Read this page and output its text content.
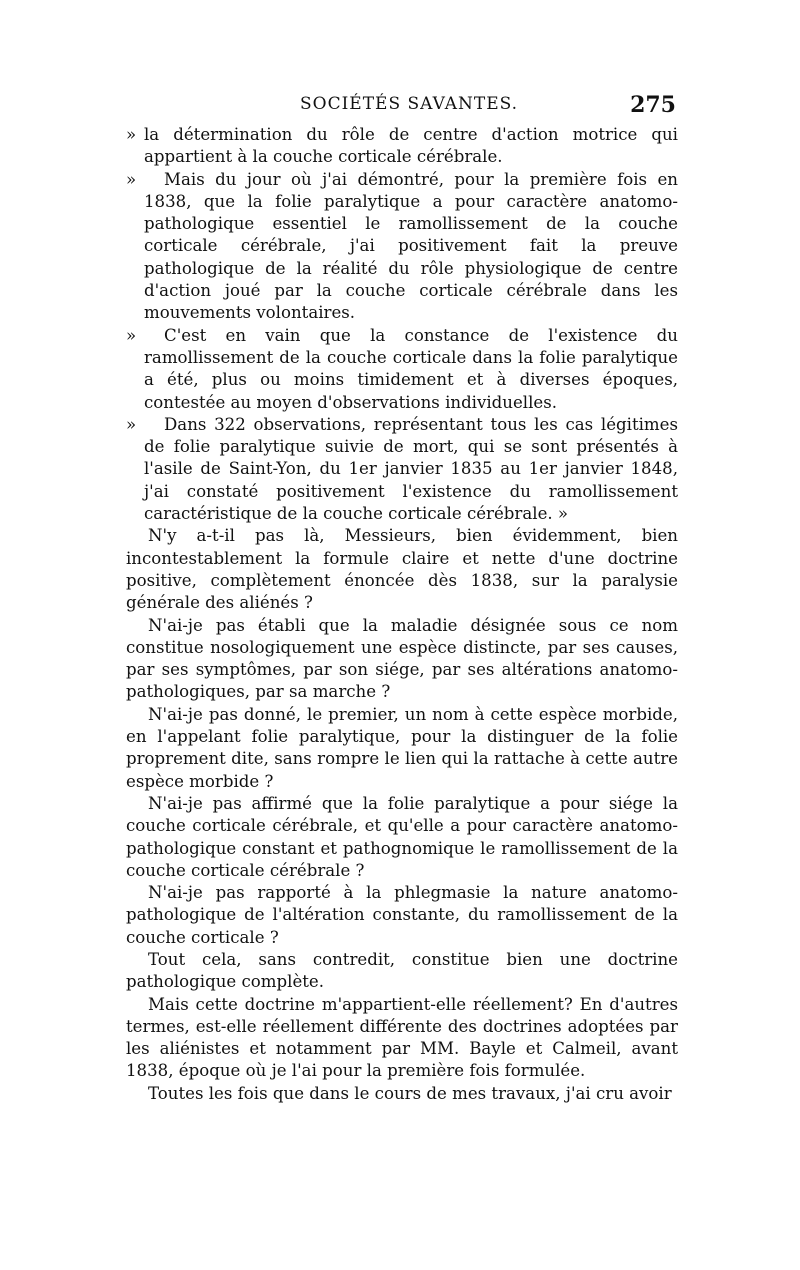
SOCIÉTÉS SAVANTES.	275

» la détermination du rôle de centre d'action motrice qui appartient à la couche corticale cérébrale.

» Mais du jour où j'ai démontré, pour la première fois en 1838, que la folie paralytique a pour caractère anatomo-pathologique essentiel le ramollissement de la couche corticale cérébrale, j'ai positivement fait la preuve pathologique de la réalité du rôle physiologique de centre d'action joué par la couche corticale cérébrale dans les mouvements volontaires.

» C'est en vain que la constance de l'existence du ramollissement de la couche corticale dans la folie paralytique a été, plus ou moins timidement et à diverses époques, contestée au moyen d'observations individuelles.

» Dans 322 observations, représentant tous les cas légitimes de folie paralytique suivie de mort, qui se sont présentés à l'asile de Saint-Yon, du 1er janvier 1835 au 1er janvier 1848, j'ai constaté positivement l'existence du ramollissement caractéristique de la couche corticale cérébrale. »

N'y a-t-il pas là, Messieurs, bien évidemment, bien incontestablement la formule claire et nette d'une doctrine positive, complètement énoncée dès 1838, sur la paralysie générale des aliénés ?

N'ai-je pas établi que la maladie désignée sous ce nom constitue nosologiquement une espèce distincte, par ses causes, par ses symptômes, par son siége, par ses altérations anatomo-pathologiques, par sa marche ?

N'ai-je pas donné, le premier, un nom à cette espèce morbide, en l'appelant folie paralytique, pour la distinguer de la folie proprement dite, sans rompre le lien qui la rattache à cette autre espèce morbide ?

N'ai-je pas affirmé que la folie paralytique a pour siége la couche corticale cérébrale, et qu'elle a pour caractère anatomo-pathologique constant et pathognomique le ramollissement de la couche corticale cérébrale ?

N'ai-je pas rapporté à la phlegmasie la nature anatomo-pathologique de l'altération constante, du ramollissement de la couche corticale ?

Tout cela, sans contredit, constitue bien une doctrine pathologique complète.

Mais cette doctrine m'appartient-elle réellement? En d'autres termes, est-elle réellement différente des doctrines adoptées par les aliénistes et notamment par MM. Bayle et Calmeil, avant 1838, époque où je l'ai pour la première fois formulée.

Toutes les fois que dans le cours de mes travaux, j'ai cru avoir
